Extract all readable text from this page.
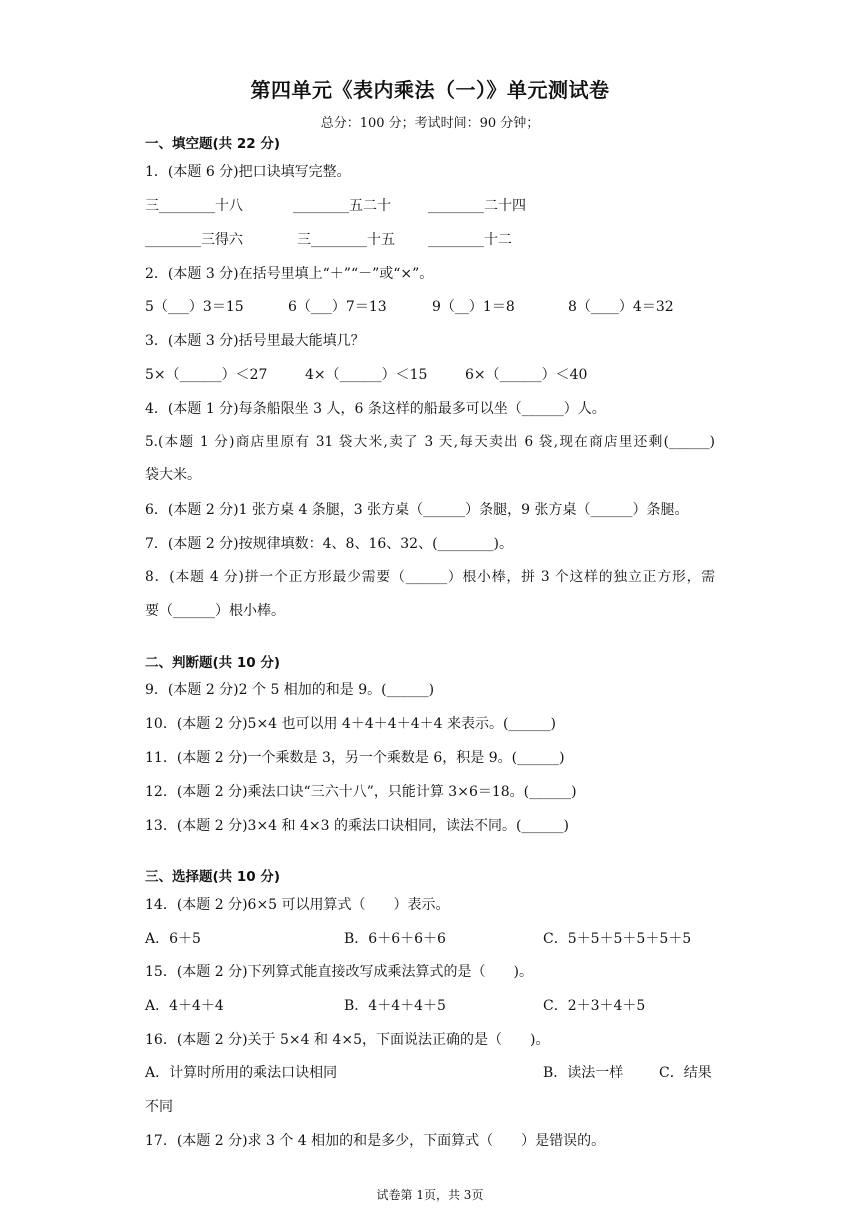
第四单元《表内乘法（一）》单元测试卷
总分：100 分；考试时间：90 分钟；
一、填空题(共 22 分)
1．(本题 6 分)把口诀填写完整。
三________十八	________五二十	________二十四
________三得六	三________十五 ________十二
2．(本题 3 分)在括号里填上“＋”“－”或“×”。
5（___）3＝15	6（___）7＝13	9（__）1＝8	8（____）4＝32
3．(本题 3 分)括号里最大能填几？
5×（______）＜27	4×（______）＜15	6×（______）＜40
4．(本题 1 分)每条船限坐 3 人，6 条这样的船最多可以坐（______）人。
5.(本题 1 分)商店里原有 31 袋大米,卖了 3 天,每天卖出 6 袋,现在商店里还剩(______)
袋大米。
6．(本题 2 分)1 张方桌 4 条腿，3 张方桌（______）条腿，9 张方桌（______）条腿。
7．(本题 2 分)按规律填数：4、8、16、32、(________)。
8．(本题 4 分)拼一个正方形最少需要（______）根小棒，拼 3 个这样的独立正方形，需
要（______）根小棒。
二、判断题(共 10 分)
9．(本题 2 分)2 个 5 相加的和是 9。(______)
10．(本题 2 分)5×4 也可以用 4＋4＋4＋4＋4 来表示。(______)
11．(本题 2 分)一个乘数是 3，另一个乘数是 6，积是 9。(______)
12．(本题 2 分)乘法口诀“三六十八”，只能计算 3×6＝18。(______)
13．(本题 2 分)3×4 和 4×3 的乘法口诀相同，读法不同。(______)
三、选择题(共 10 分)
14．(本题 2 分)6×5 可以用算式（　　）表示。
A．6＋5	B．6＋6＋6＋6	C．5＋5＋5＋5＋5＋5
15．(本题 2 分)下列算式能直接改写成乘法算式的是（　　)。
A．4＋4＋4	B．4＋4＋4＋5	C．2＋3＋4＋5
16．(本题 2 分)关于 5×4 和 4×5，下面说法正确的是（　　)。
A．计算时所用的乘法口诀相同	B．读法一样	C．结果
不同
17．(本题 2 分)求 3 个 4 相加的和是多少，下面算式（　　）是错误的。
试卷第 1页，共 3页
